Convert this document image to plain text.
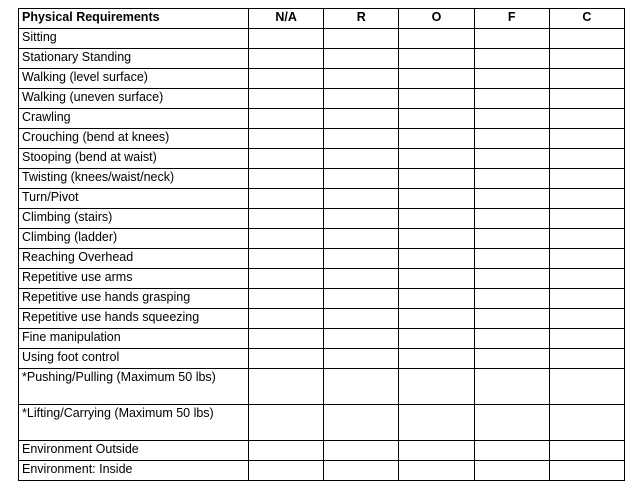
Physical Requirements	N/A	R	O	F	C
Sitting					
Stationary Standing					
Walking (level surface)					
Walking (uneven surface)					
Crawling					
Crouching (bend at knees)					
Stooping (bend at waist)					
Twisting (knees/waist/neck)					
Turn/Pivot					
Climbing (stairs)					
Climbing (ladder)					
Reaching Overhead					
Repetitive use arms					
Repetitive use hands grasping					
Repetitive use hands squeezing					
Fine manipulation					
Using foot control					
*Pushing/Pulling (Maximum 50 lbs)					
*Lifting/Carrying (Maximum 50 lbs)					
Environment Outside					
Environment: Inside					
